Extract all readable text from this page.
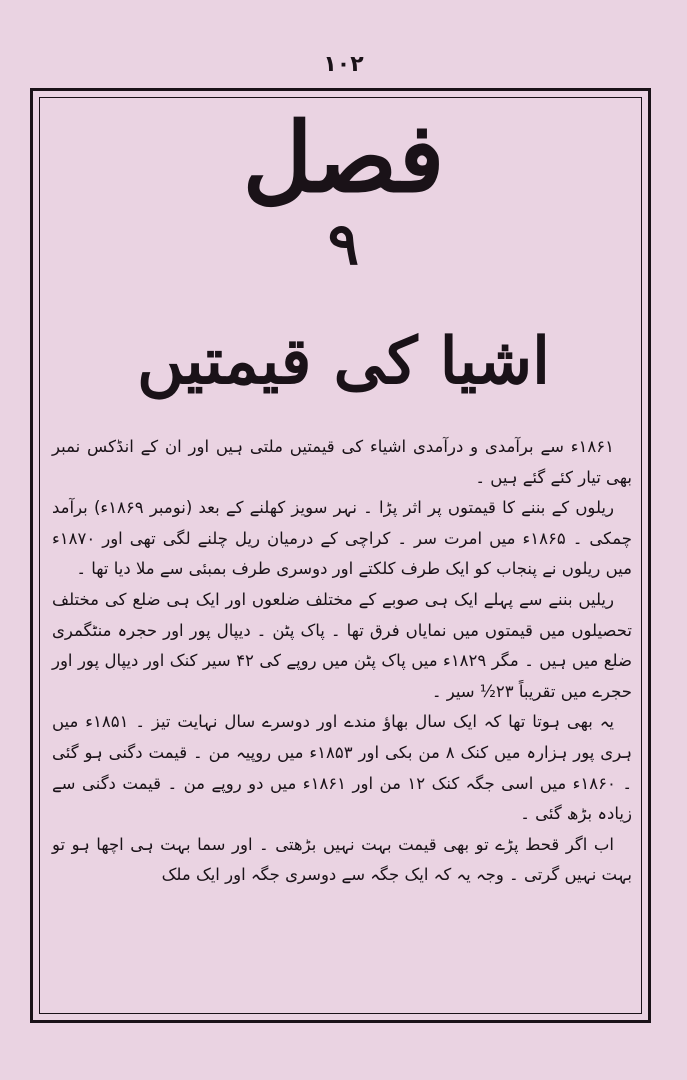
۱۰۲
فصل
۹
اشیا کی قیمتیں

۱۸۶۱ء سے برآمدی و درآمدی اشیاء کی قیمتیں ملتی ہیں اور ان کے انڈکس نمبر بھی تیار کئے گئے ہیں ۔

ریلوں کے بننے کا قیمتوں پر اثر پڑا ۔ نہر سویز کھلنے کے بعد (نومبر ۱۸۶۹ء) برآمد چمکی ۔ ۱۸۶۵ء میں امرت سر ۔ کراچی کے درمیان ریل چلنے لگی تھی اور ۱۸۷۰ء میں ریلوں نے پنجاب کو ایک طرف کلکتے اور دوسری طرف بمبئی سے ملا دیا تھا ۔

ریلیں بننے سے پہلے ایک ہی صوبے کے مختلف ضلعوں اور ایک ہی ضلع کی مختلف تحصیلوں میں قیمتوں میں نمایاں فرق تھا ۔ پاک پٹن ۔ دیپال پور اور حجرہ منٹگمری ضلع میں ہیں ۔ مگر ۱۸۲۹ء میں پاک پٹن میں روپے کی ۴۲ سیر کنک اور دیپال پور اور حجرے میں تقریباً ۲۳½ سیر ۔

یہ بھی ہوتا تھا کہ ایک سال بھاؤ مندے اور دوسرے سال نہایت تیز ۔ ۱۸۵۱ء میں ہری پور ہزارہ میں کنک ۸ من بکی اور ۱۸۵۳ء میں روپیہ من ۔ قیمت دگنی ہو گئی ۔ ۱۸۶۰ء میں اسی جگہ کنک ۱۲ من اور ۱۸۶۱ء میں دو روپے من ۔ قیمت دگنی سے زیادہ بڑھ گئی ۔

اب اگر قحط پڑے تو بھی قیمت بہت نہیں بڑھتی ۔ اور سما بہت ہی اچھا ہو تو بہت نہیں گرتی ۔ وجہ یہ کہ ایک جگہ سے دوسری جگہ اور ایک ملک
